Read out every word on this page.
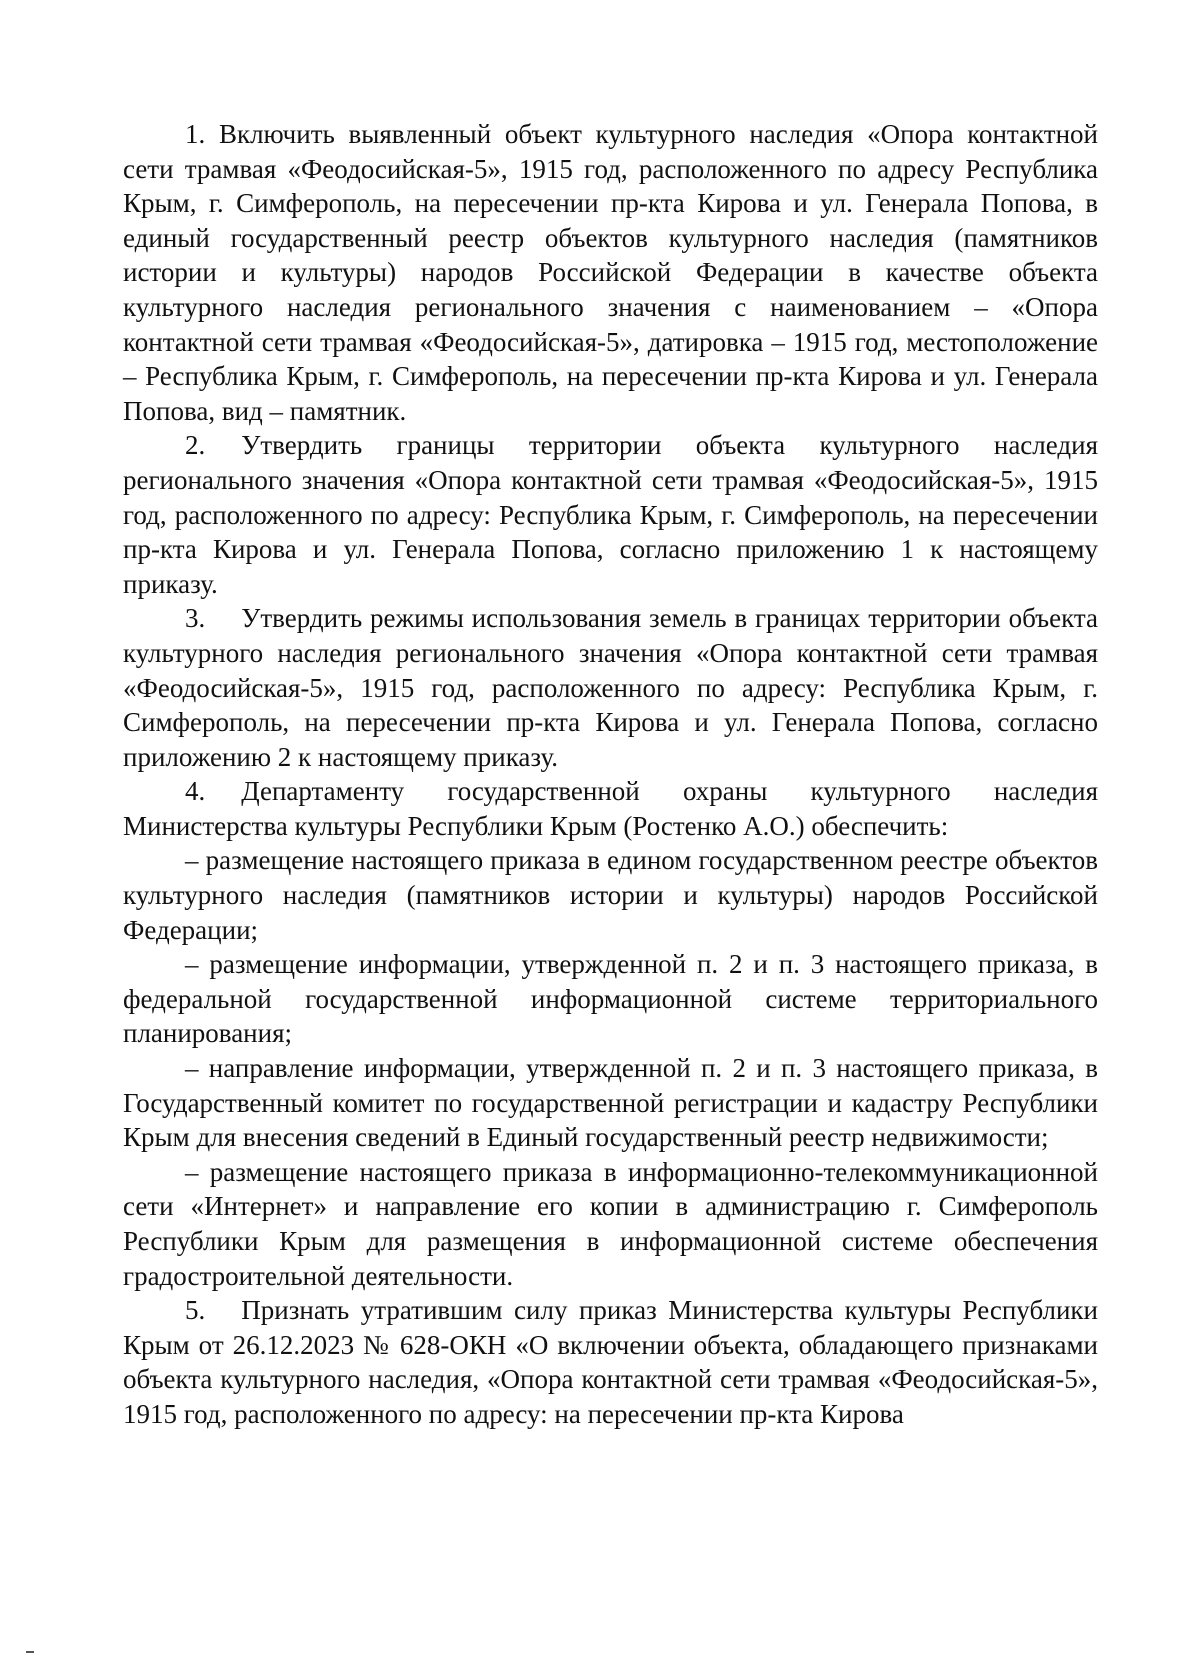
1. Включить выявленный объект культурного наследия «Опора контактной сети трамвая «Феодосийская-5», 1915 год, расположенного по адресу Республика Крым, г. Симферополь, на пересечении пр-кта Кирова и ул. Генерала Попова, в единый государственный реестр объектов культурного наследия (памятников истории и культуры) народов Российской Федерации в качестве объекта культурного наследия регионального значения с наименованием – «Опора контактной сети трамвая «Феодосийская-5», датировка – 1915 год, местоположение – Республика Крым, г. Симферополь, на пересечении пр-кта Кирова и ул. Генерала Попова, вид – памятник.

2. Утвердить границы территории объекта культурного наследия регионального значения «Опора контактной сети трамвая «Феодосийская-5», 1915 год, расположенного по адресу: Республика Крым, г. Симферополь, на пересечении пр-кта Кирова и ул. Генерала Попова, согласно приложению 1 к настоящему приказу.

3. Утвердить режимы использования земель в границах территории объекта культурного наследия регионального значения «Опора контактной сети трамвая «Феодосийская-5», 1915 год, расположенного по адресу: Республика Крым, г. Симферополь, на пересечении пр-кта Кирова и ул. Генерала Попова, согласно приложению 2 к настоящему приказу.

4. Департаменту государственной охраны культурного наследия Министерства культуры Республики Крым (Ростенко А.О.) обеспечить:

– размещение настоящего приказа в едином государственном реестре объектов культурного наследия (памятников истории и культуры) народов Российской Федерации;

– размещение информации, утвержденной п. 2 и п. 3 настоящего приказа, в федеральной государственной информационной системе территориального планирования;

– направление информации, утвержденной п. 2 и п. 3 настоящего приказа, в Государственный комитет по государственной регистрации и кадастру Республики Крым для внесения сведений в Единый государственный реестр недвижимости;

– размещение настоящего приказа в информационно-телекоммуникационной сети «Интернет» и направление его копии в администрацию г. Симферополь Республики Крым для размещения в информационной системе обеспечения градостроительной деятельности.

5. Признать утратившим силу приказ Министерства культуры Республики Крым от 26.12.2023 № 628-ОКН «О включении объекта, обладающего признаками объекта культурного наследия, «Опора контактной сети трамвая «Феодосийская-5», 1915 год, расположенного по адресу: на пересечении пр-кта Кирова
